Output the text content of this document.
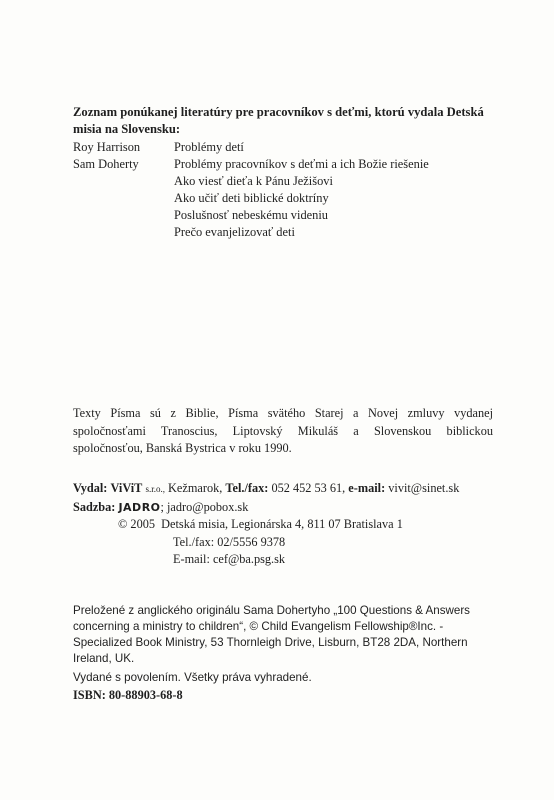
Zoznam ponúkanej literatúry pre pracovníkov s deťmi, ktorú vydala Detská misia na Slovensku:
Roy Harrison
Sam Doherty
Problémy detí
Problémy pracovníkov s deťmi a ich Božie riešenie
Ako viesť dieťa k Pánu Ježišovi
Ako učiť deti biblické doktríny
Poslušnosť nebeskému videniu
Prečo evanjelizovať deti
Texty Písma sú z Biblie, Písma svätého Starej a Novej zmluvy vydanej spoločnosťami Tranoscius, Liptovský Mikuláš a Slovenskou biblickou spoločnosťou, Banská Bystrica v roku 1990.
Vydal: ViViT s.r.o., Kežmarok, Tel./fax: 052 452 53 61, e-mail: vivit@sinet.sk
Sadzba: JADRO; jadro@pobox.sk
© 2005 Detská misia, Legionárska 4, 811 07 Bratislava 1
Tel./fax: 02/5556 9378
E-mail: cef@ba.psg.sk

Preložené z anglického originálu Sama Dohertyho „100 Questions & Answers concerning a ministry to children“, © Child Evangelism Fellowship®Inc. - Specialized Book Ministry, 53 Thornleigh Drive, Lisburn, BT28 2DA, Northern Ireland, UK.

Vydané s povolením. Všetky práva vyhradené.

ISBN: 80-88903-68-8
